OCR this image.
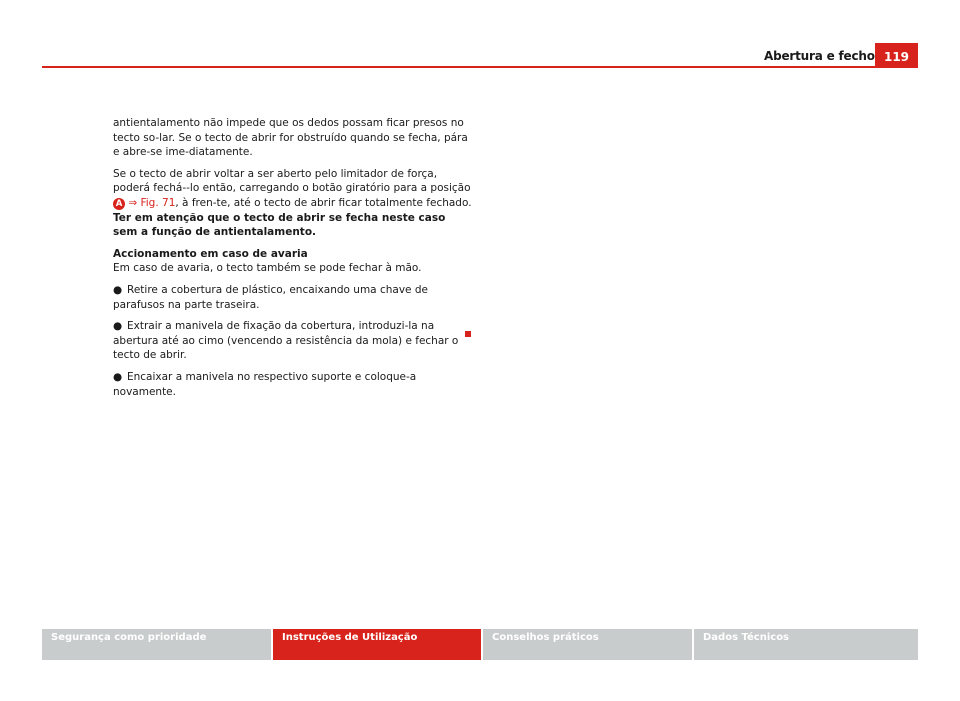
Abertura e fecho 119

antientalamento não impede que os dedos possam ficar presos no tecto so-lar. Se o tecto de abrir for obstruído quando se fecha, pára e abre-se ime-diatamente.

Se o tecto de abrir voltar a ser aberto pelo limitador de força, poderá fechá--lo então, carregando o botão giratório para a posição A ⇒ Fig. 71, à fren-te, até o tecto de abrir ficar totalmente fechado. Ter em atenção que o tecto de abrir se fecha neste caso sem a função de antientalamento.

Accionamento em caso de avaria

Em caso de avaria, o tecto também se pode fechar à mão.

● Retire a cobertura de plástico, encaixando uma chave de parafusos na parte traseira.

● Extrair a manivela de fixação da cobertura, introduzi-la na abertura até ao cimo (vencendo a resistência da mola) e fechar o tecto de abrir.

● Encaixar a manivela no respectivo suporte e coloque-a novamente.

Segurança como prioridade	Instruções de Utilização	Conselhos práticos	Dados Técnicos
